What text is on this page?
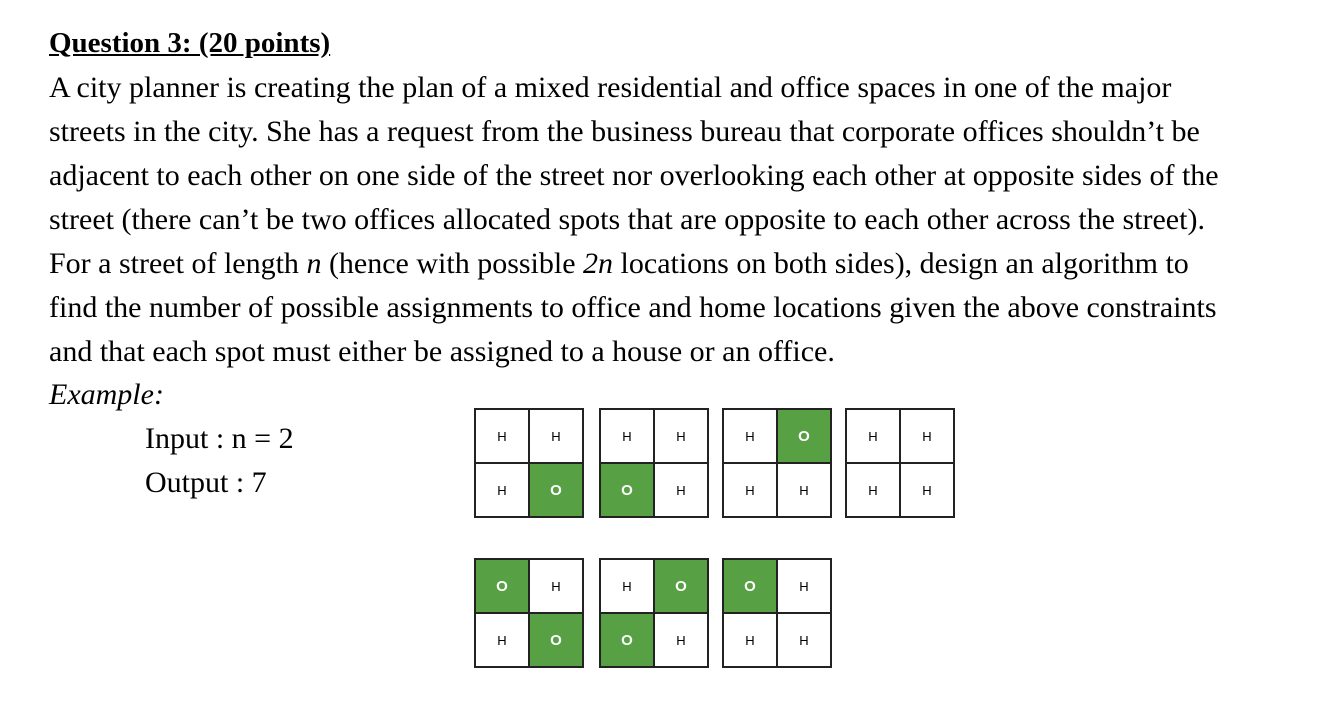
Question 3: (20 points)
A city planner is creating the plan of a mixed residential and office spaces in one of the major
streets in the city. She has a request from the business bureau that corporate offices shouldn’t be
adjacent to each other on one side of the street nor overlooking each other at opposite sides of the
street (there can’t be two offices allocated spots that are opposite to each other across the street).
For a street of length n (hence with possible 2n locations on both sides), design an algorithm to
find the number of possible assignments to office and home locations given the above constraints
and that each spot must either be assigned to a house or an office.
Example:
Input : n = 2
Output : 7
H	H
H	O
H	H
O	H
H	O
H	H
H	H
H	H
O	H
H	O
H	O
O	H
O	H
H	H
